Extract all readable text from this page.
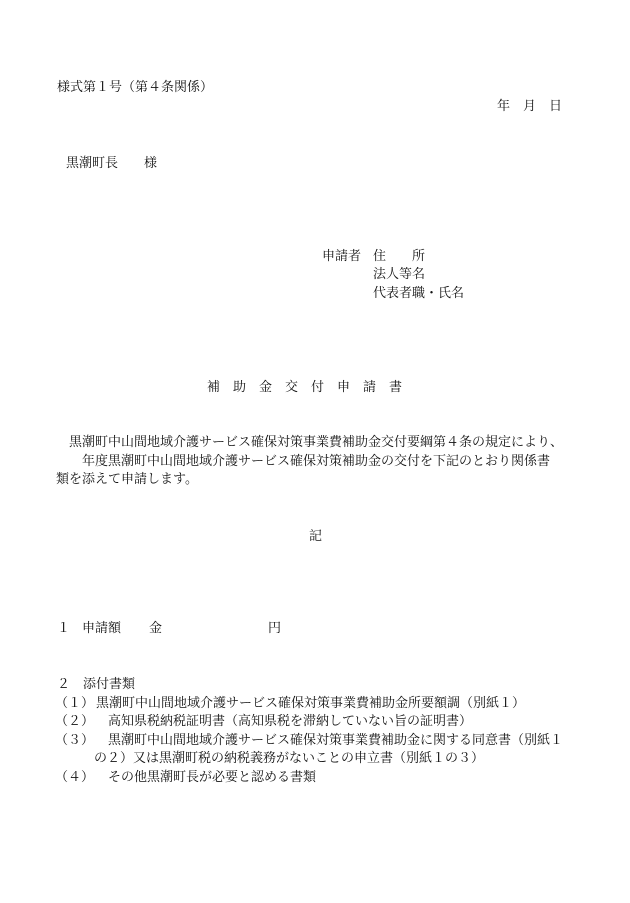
様式第１号（第４条関係）
年　月　日
黒潮町長　　様
申請者 住　　所
法人等名
代表者職・氏名
補　助　金　交　付　申　請　書
黒潮町中山間地域介護サービス確保対策事業費補助金交付要綱第４条の規定により、
年度黒潮町中山間地域介護サービス確保対策補助金の交付を下記のとおり関係書
類を添えて申請します。
記
１ 申請額 金	円
２　添付書類
（１） 黒潮町中山間地域介護サービス確保対策事業費補助金所要額調（別紙１）
（２） 高知県税納税証明書（高知県税を滞納していない旨の証明書）
（３） 黒潮町中山間地域介護サービス確保対策事業費補助金に関する同意書（別紙１
の２）又は黒潮町税の納税義務がないことの申立書（別紙１の３）
（４） その他黒潮町長が必要と認める書類
